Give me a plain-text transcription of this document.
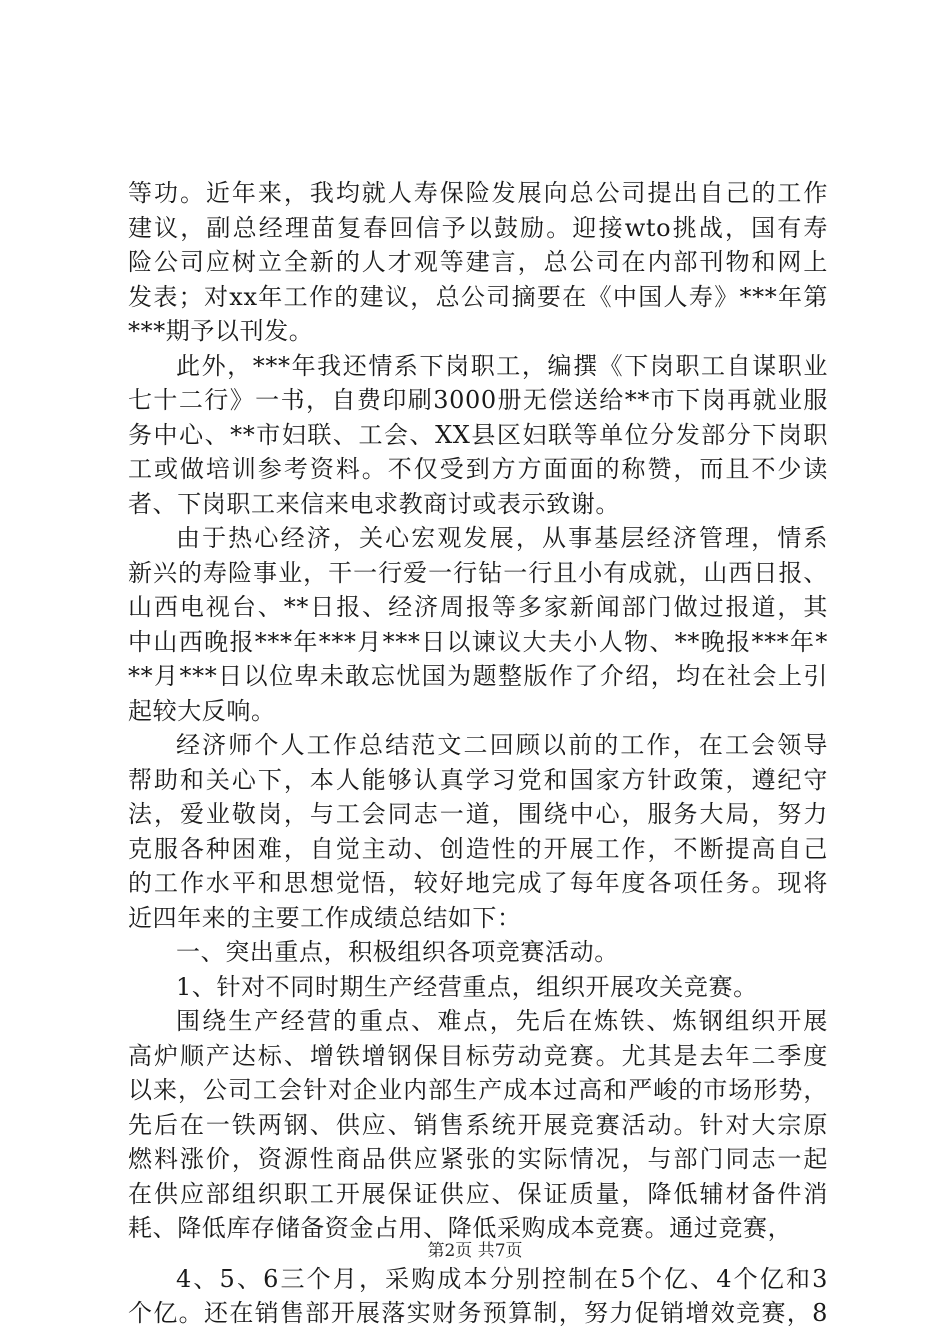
等功。近年来，我均就人寿保险发展向总公司提出自己的工作
建议，副总经理苗复春回信予以鼓励。迎接wto挑战，国有寿
险公司应树立全新的人才观等建言，总公司在内部刊物和网上
发表；对xx年工作的建议，总公司摘要在《中国人寿》***年第
***期予以刊发。
此外，***年我还情系下岗职工，编撰《下岗职工自谋职业
七十二行》一书，自费印刷3000册无偿送给**市下岗再就业服
务中心、**市妇联、工会、XX县区妇联等单位分发部分下岗职
工或做培训参考资料。不仅受到方方面面的称赞，而且不少读
者、下岗职工来信来电求教商讨或表示致谢。
由于热心经济，关心宏观发展，从事基层经济管理，情系
新兴的寿险事业，干一行爱一行钻一行且小有成就，山西日报、
山西电视台、**日报、经济周报等多家新闻部门做过报道，其
中山西晚报***年***月***日以谏议大夫小人物、**晚报***年*
**月***日以位卑未敢忘忧国为题整版作了介绍，均在社会上引
起较大反响。
经济师个人工作总结范文二回顾以前的工作，在工会领导
帮助和关心下，本人能够认真学习党和国家方针政策，遵纪守
法，爱业敬岗，与工会同志一道，围绕中心，服务大局，努力
克服各种困难，自觉主动、创造性的开展工作，不断提高自己
的工作水平和思想觉悟，较好地完成了每年度各项任务。现将
近四年来的主要工作成绩总结如下：
一、突出重点，积极组织各项竞赛活动。
1、针对不同时期生产经营重点，组织开展攻关竞赛。
围绕生产经营的重点、难点，先后在炼铁、炼钢组织开展
高炉顺产达标、增铁增钢保目标劳动竞赛。尤其是去年二季度
以来，公司工会针对企业内部生产成本过高和严峻的市场形势，
先后在一铁两钢、供应、销售系统开展竞赛活动。针对大宗原
燃料涨价，资源性商品供应紧张的实际情况，与部门同志一起
在供应部组织职工开展保证供应、保证质量，降低辅材备件消
耗、降低库存储备资金占用、降低采购成本竞赛。通过竞赛，
4、5、6三个月，采购成本分别控制在5个亿、4个亿和3
个亿。还在销售部开展落实财务预算制，努力促销增效竞赛，8
第2页 共7页
